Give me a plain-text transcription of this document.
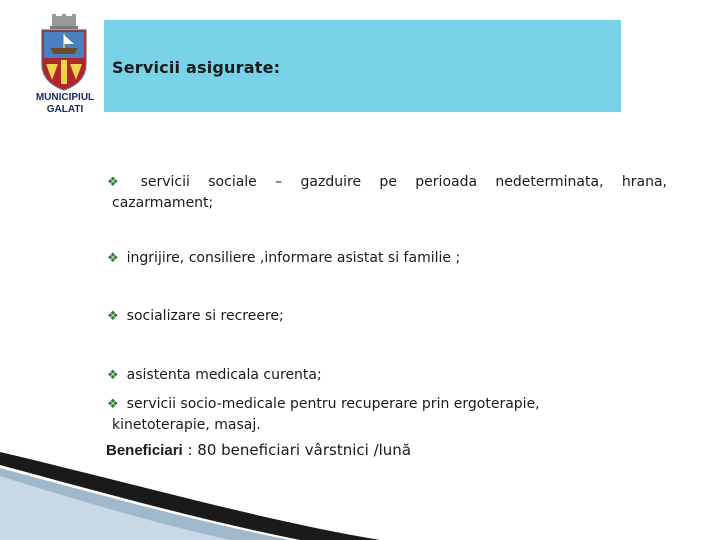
MUNICIPIUL GALATI
Servicii asigurate:
❖ servicii sociale – gazduire pe perioada nedeterminata, hrana,
cazarmament;
❖ ingrijire, consiliere ,informare asistat si familie ;
❖ socializare si recreere;
❖ asistenta medicala curenta;
❖ servicii socio-medicale pentru recuperare prin ergoterapie,
kinetoterapie, masaj.
Beneficiari : 80 beneficiari vârstnici /lună
